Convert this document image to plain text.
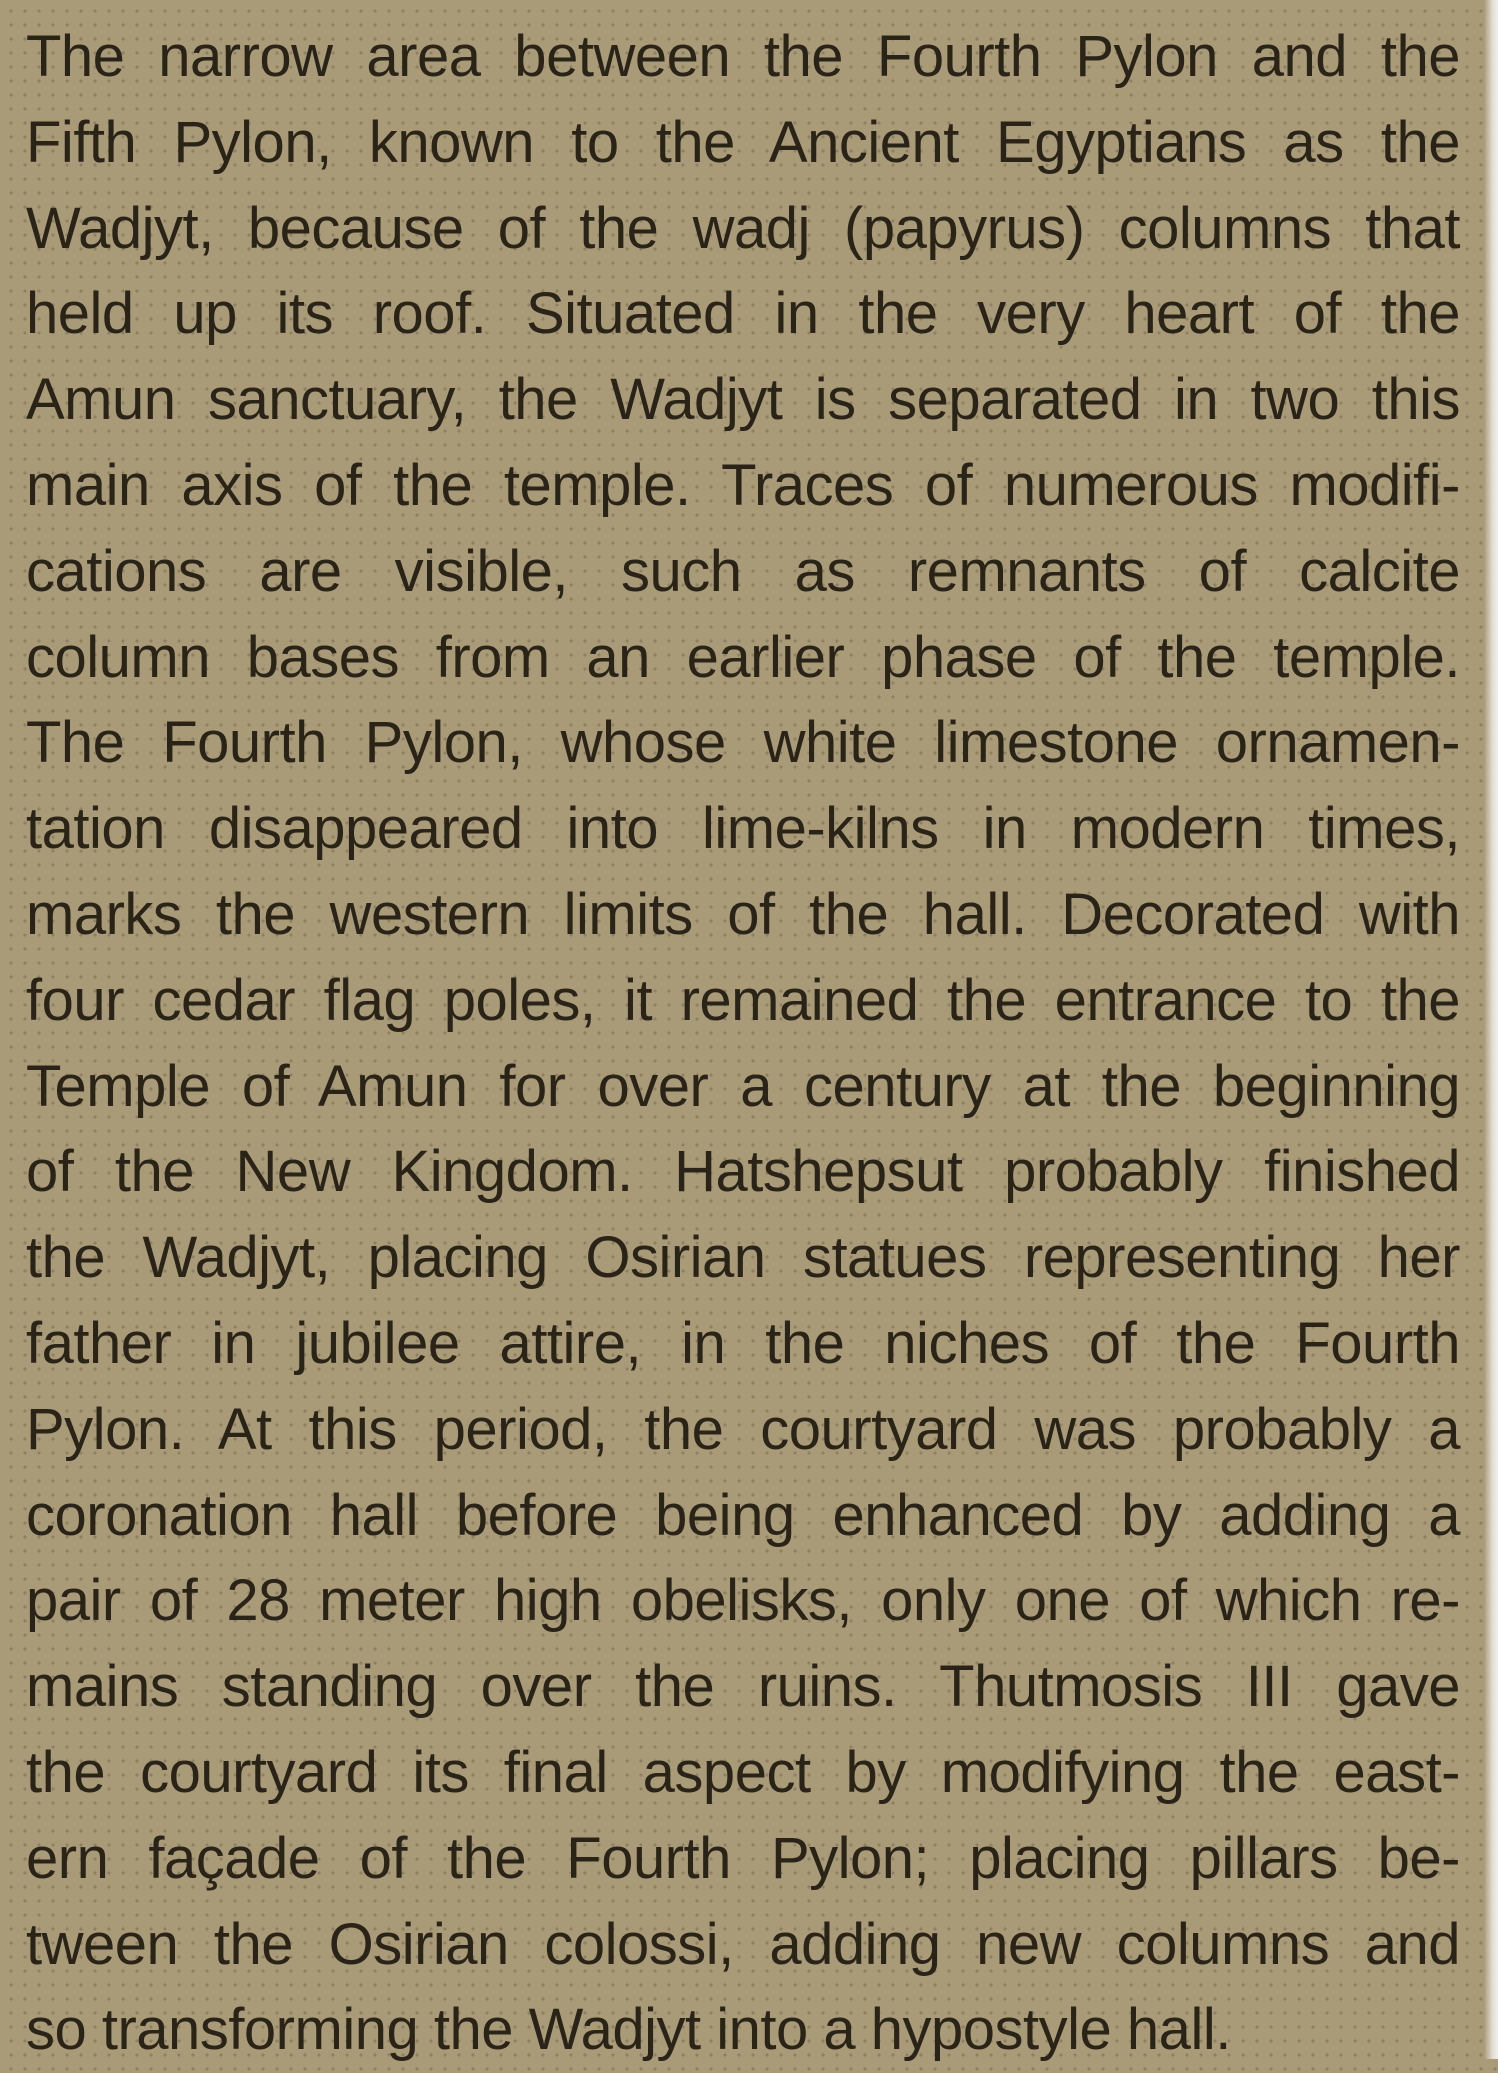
The narrow area between the Fourth Pylon and the
Fifth Pylon, known to the Ancient Egyptians as the
Wadjyt, because of the wadj (papyrus) columns that
held up its roof. Situated in the very heart of the
Amun sanctuary, the Wadjyt is separated in two this
main axis of the temple. Traces of numerous modifi-
cations are visible, such as remnants of calcite
column bases from an earlier phase of the temple.
The Fourth Pylon, whose white limestone ornamen-
tation disappeared into lime-kilns in modern times,
marks the western limits of the hall. Decorated with
four cedar flag poles, it remained the entrance to the
Temple of Amun for over a century at the beginning
of the New Kingdom. Hatshepsut probably finished
the Wadjyt, placing Osirian statues representing her
father in jubilee attire, in the niches of the Fourth
Pylon. At this period, the courtyard was probably a
coronation hall before being enhanced by adding a
pair of 28 meter high obelisks, only one of which re-
mains standing over the ruins. Thutmosis III gave
the courtyard its final aspect by modifying the east-
ern façade of the Fourth Pylon; placing pillars be-
tween the Osirian colossi, adding new columns and
so transforming the Wadjyt into a hypostyle hall.
